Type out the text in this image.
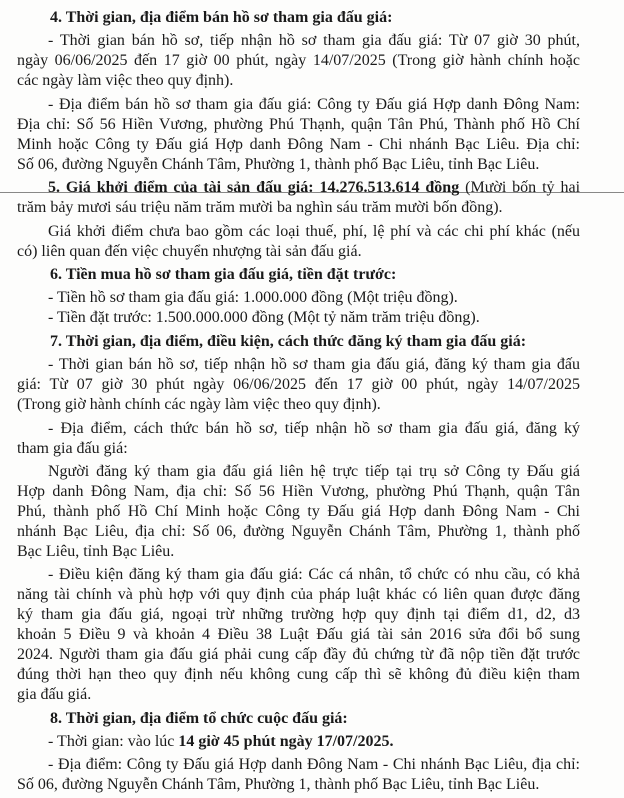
4. Thời gian, địa điểm bán hồ sơ tham gia đấu giá:
- Thời gian bán hồ sơ, tiếp nhận hồ sơ tham gia đấu giá: Từ 07 giờ 30 phút,
ngày 06/06/2025 đến 17 giờ 00 phút, ngày 14/07/2025 (Trong giờ hành chính hoặc
các ngày làm việc theo quy định).
- Địa điểm bán hồ sơ tham gia đấu giá: Công ty Đấu giá Hợp danh Đông Nam:
Địa chỉ: Số 56 Hiền Vương, phường Phú Thạnh, quận Tân Phú, Thành phố Hồ Chí
Minh hoặc Công ty Đấu giá Hợp danh Đông Nam - Chi nhánh Bạc Liêu. Địa chỉ:
Số 06, đường Nguyễn Chánh Tâm, Phường 1, thành phố Bạc Liêu, tỉnh Bạc Liêu.
5. Giá khởi điểm của tài sản đấu giá: 14.276.513.614 đồng (Mười bốn tỷ hai
trăm bảy mươi sáu triệu năm trăm mười ba nghìn sáu trăm mười bốn đồng).
Giá khởi điểm chưa bao gồm các loại thuế, phí, lệ phí và các chi phí khác (nếu
có) liên quan đến việc chuyển nhượng tài sản đấu giá.
6. Tiền mua hồ sơ tham gia đấu giá, tiền đặt trước:
- Tiền hồ sơ tham gia đấu giá: 1.000.000 đồng (Một triệu đồng).
- Tiền đặt trước: 1.500.000.000 đồng (Một tỷ năm trăm triệu đồng).
7. Thời gian, địa điểm, điều kiện, cách thức đăng ký tham gia đấu giá:
- Thời gian bán hồ sơ, tiếp nhận hồ sơ tham gia đấu giá, đăng ký tham gia đấu
giá: Từ 07 giờ 30 phút ngày 06/06/2025 đến 17 giờ 00 phút, ngày 14/07/2025
(Trong giờ hành chính các ngày làm việc theo quy định).
- Địa điểm, cách thức bán hồ sơ, tiếp nhận hồ sơ tham gia đấu giá, đăng ký
tham gia đấu giá:
Người đăng ký tham gia đấu giá liên hệ trực tiếp tại trụ sở Công ty Đấu giá
Hợp danh Đông Nam, địa chỉ: Số 56 Hiền Vương, phường Phú Thạnh, quận Tân
Phú, thành phố Hồ Chí Minh hoặc Công ty Đấu giá Hợp danh Đông Nam - Chi
nhánh Bạc Liêu, địa chỉ: Số 06, đường Nguyễn Chánh Tâm, Phường 1, thành phố
Bạc Liêu, tỉnh Bạc Liêu.
- Điều kiện đăng ký tham gia đấu giá: Các cá nhân, tổ chức có nhu cầu, có khả
năng tài chính và phù hợp với quy định của pháp luật khác có liên quan được đăng
ký tham gia đấu giá, ngoại trừ những trường hợp quy định tại điểm d1, d2, d3
khoản 5 Điều 9 và khoản 4 Điều 38 Luật Đấu giá tài sản 2016 sửa đổi bổ sung
2024. Người tham gia đấu giá phải cung cấp đầy đủ chứng từ đã nộp tiền đặt trước
đúng thời hạn theo quy định nếu không cung cấp thì sẽ không đủ điều kiện tham
gia đấu giá.
8. Thời gian, địa điểm tổ chức cuộc đấu giá:
- Thời gian: vào lúc 14 giờ 45 phút ngày 17/07/2025.
- Địa điểm: Công ty Đấu giá Hợp danh Đông Nam - Chi nhánh Bạc Liêu, địa chỉ:
Số 06, đường Nguyễn Chánh Tâm, Phường 1, thành phố Bạc Liêu, tỉnh Bạc Liêu.
